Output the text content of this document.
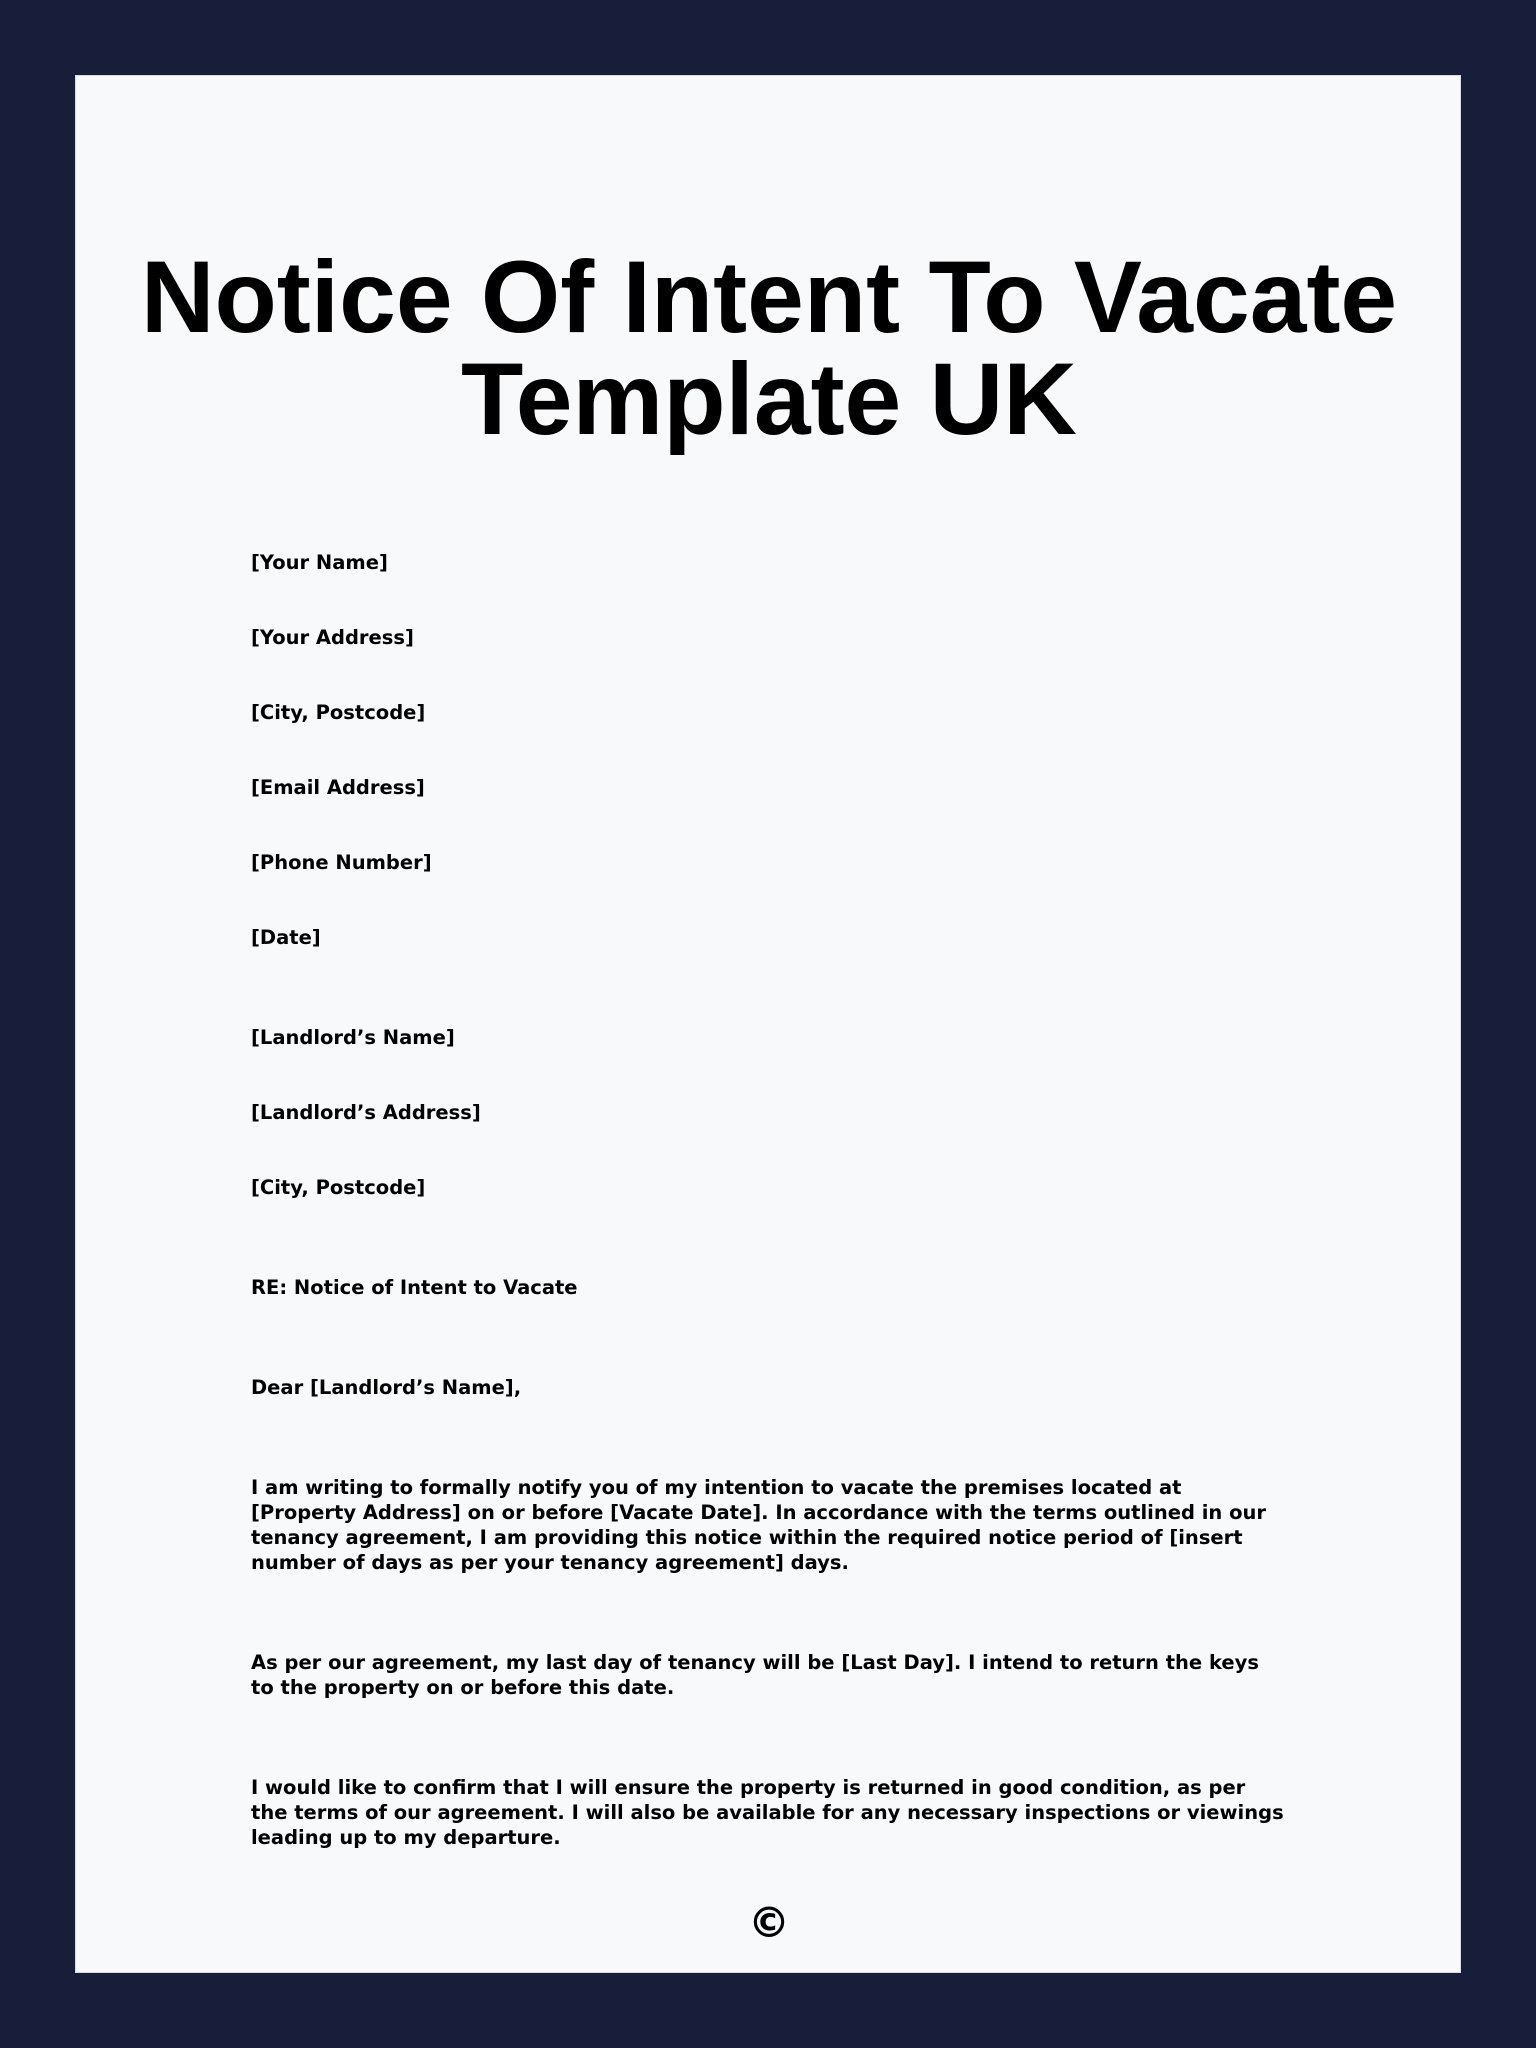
Notice Of Intent To Vacate
Template UK
[Your Name]
[Your Address]
[City, Postcode]
[Email Address]
[Phone Number]
[Date]
[Landlord’s Name]
[Landlord’s Address]
[City, Postcode]
RE: Notice of Intent to Vacate
Dear [Landlord’s Name],
I am writing to formally notify you of my intention to vacate the premises located at [Property Address] on or before [Vacate Date]. In accordance with the terms outlined in our tenancy agreement, I am providing this notice within the required notice period of [insert number of days as per your tenancy agreement] days.
As per our agreement, my last day of tenancy will be [Last Day]. I intend to return the keys to the property on or before this date.
I would like to confirm that I will ensure the property is returned in good condition, as per the terms of our agreement. I will also be available for any necessary inspections or viewings leading up to my departure.
©
